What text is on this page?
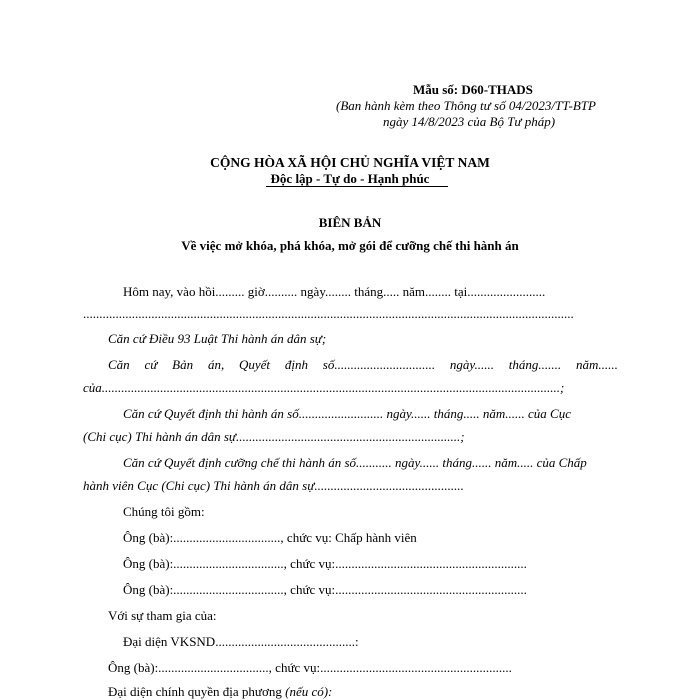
Mẫu số: D60-THADS
(Ban hành kèm theo Thông tư số 04/2023/TT-BTP
ngày 14/8/2023 của Bộ Tư pháp)
CỘNG HÒA XÃ HỘI CHỦ NGHĨA VIỆT NAM
Độc lập - Tự do - Hạnh phúc
BIÊN BẢN
Về việc mở khóa, phá khóa, mở gói để cưỡng chế thi hành án
Hôm nay, vào hồi......... giờ.......... ngày........ tháng..... năm........ tại........................
.......................................................................................................................................................
Căn cứ Điều 93 Luật Thi hành án dân sự;
Căn cứ Bản án, Quyết định số............................... ngày...... tháng....... năm......
của.............................................................................................................................................;
Căn cứ Quyết định thi hành án số.......................... ngày...... tháng..... năm...... của Cục
(Chi cục) Thi hành án dân sự.....................................................................;
Căn cứ Quyết định cưỡng chế thi hành án số........... ngày...... tháng...... năm..... của Chấp
hành viên Cục (Chi cục) Thi hành án dân sự..............................................
Chúng tôi gồm:
Ông (bà):................................., chức vụ: Chấp hành viên
Ông (bà):.................................., chức vụ:...........................................................
Ông (bà):.................................., chức vụ:...........................................................
Với sự tham gia của:
Đại diện VKSND...........................................:
Ông (bà):.................................., chức vụ:...........................................................
Đại diện chính quyền địa phương (nếu có):
